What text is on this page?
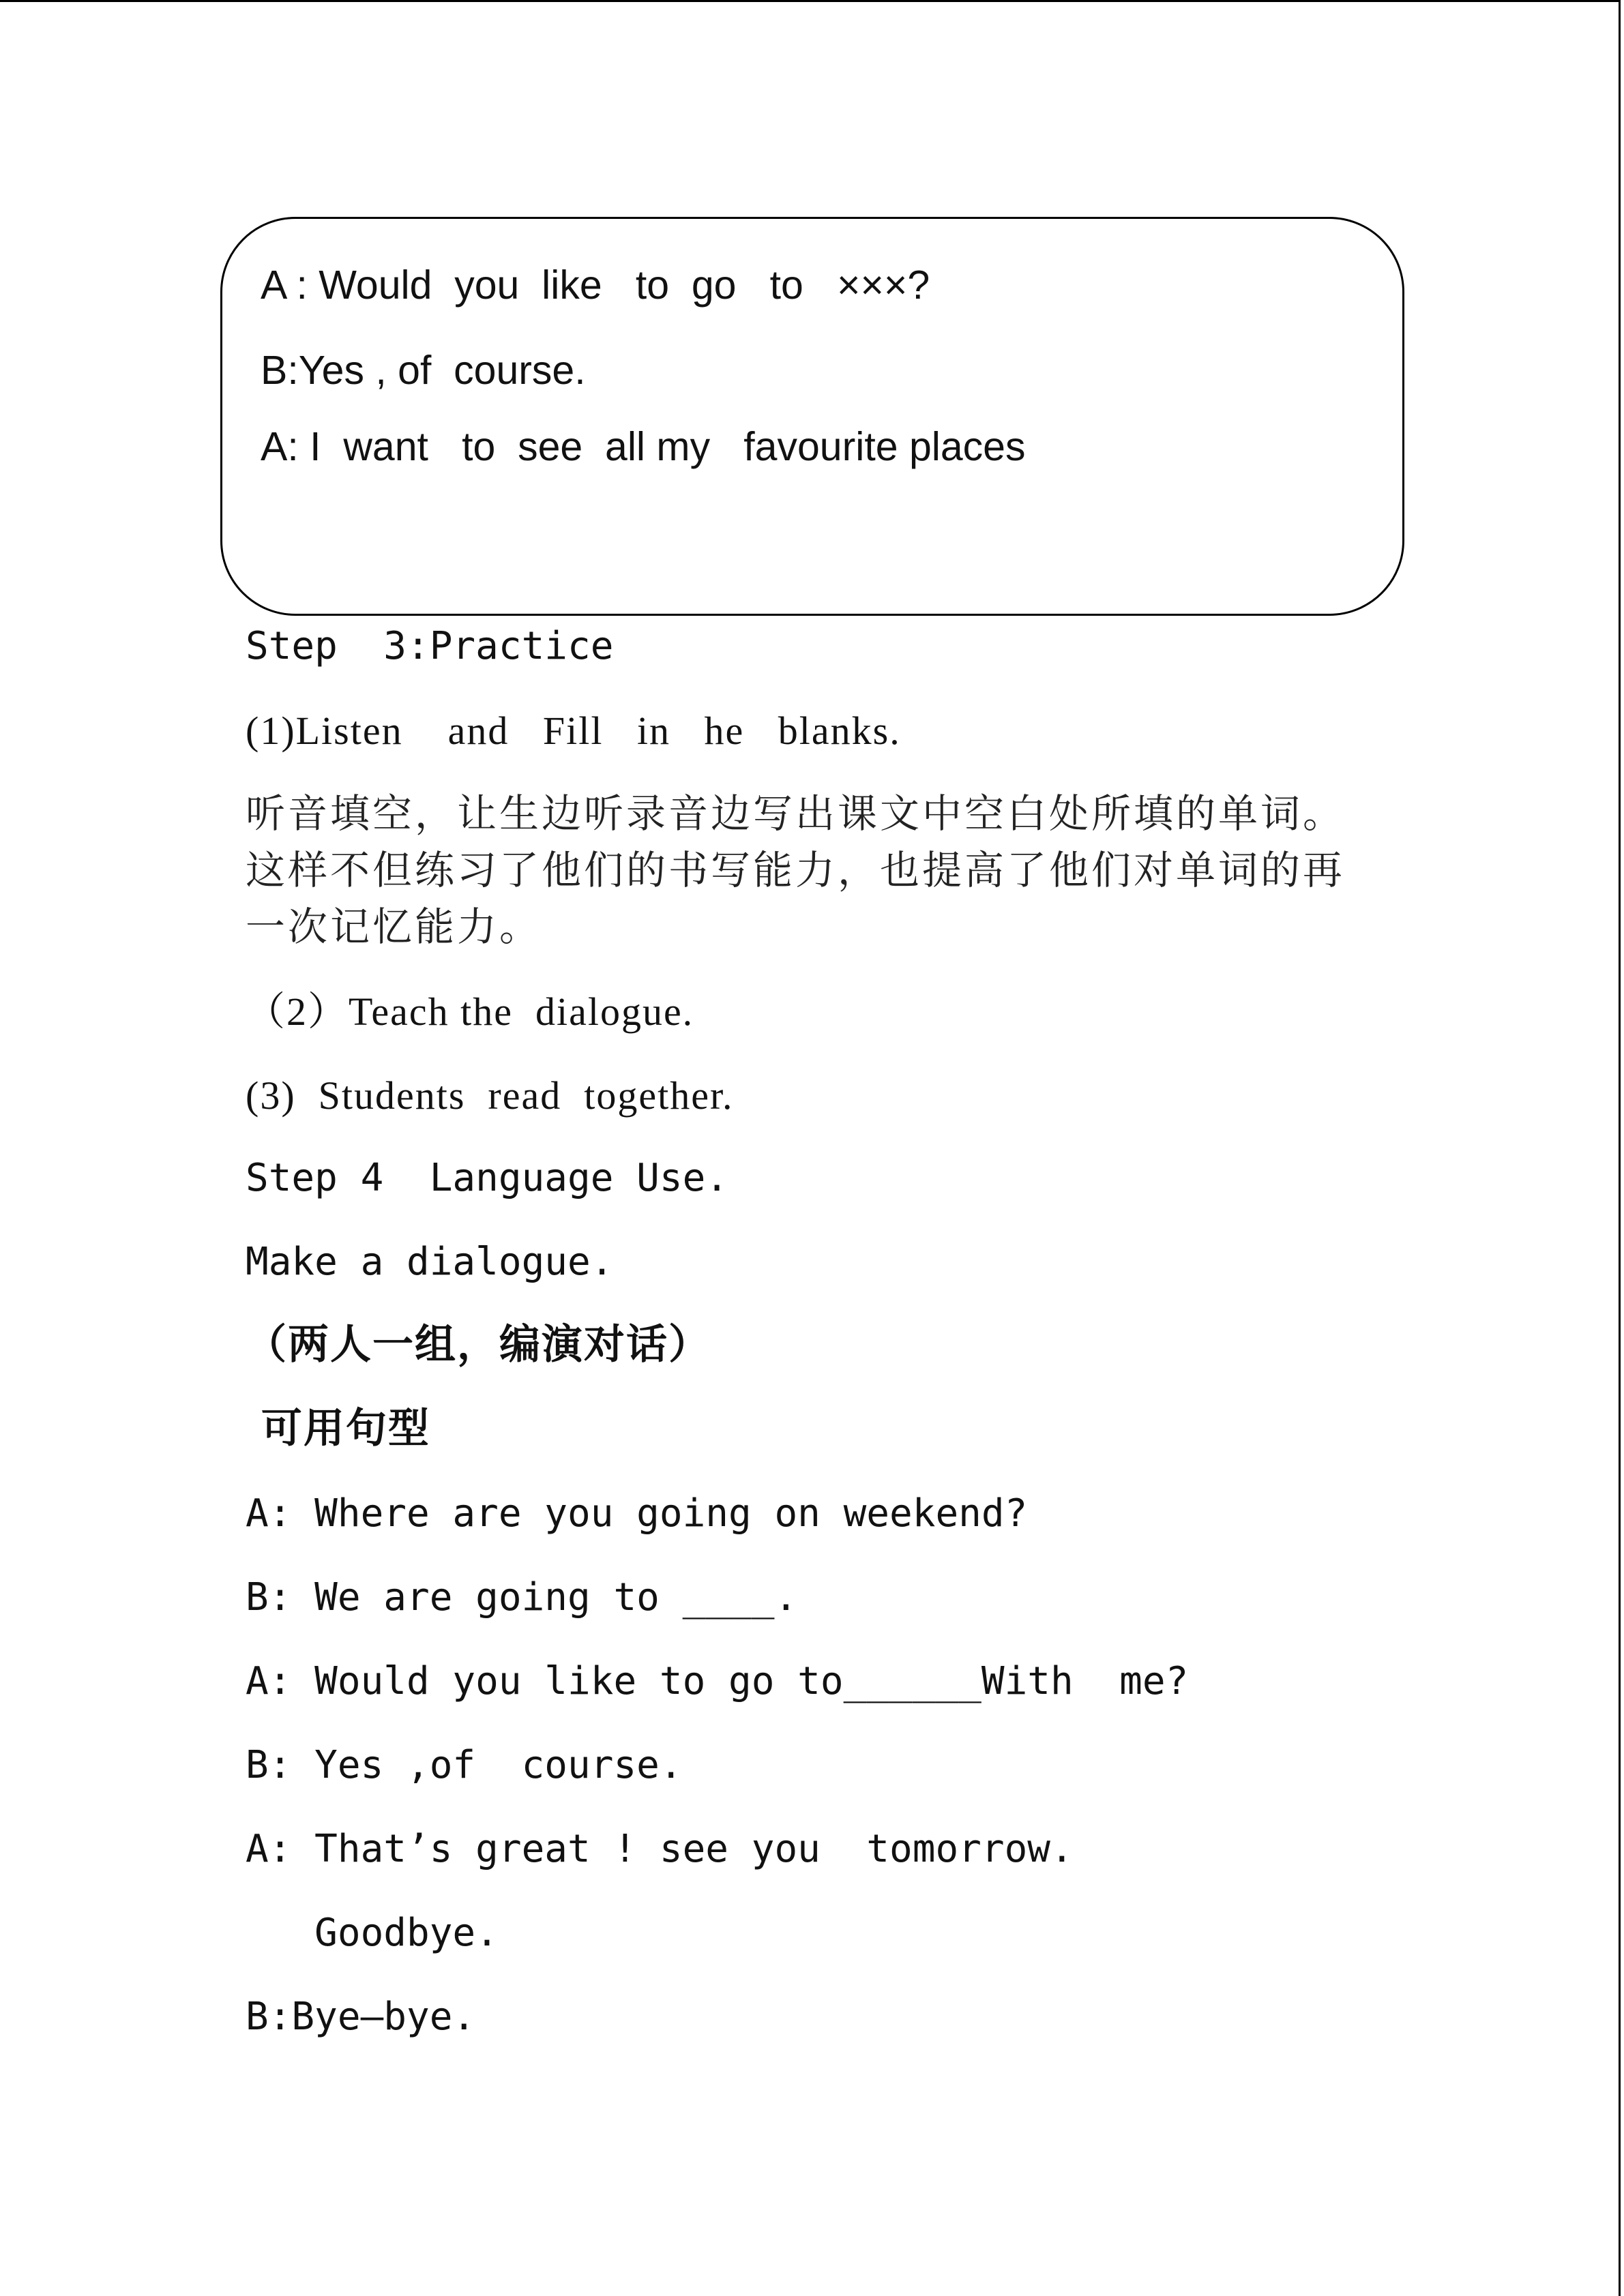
A : Would  you  like   to  go   to   ×××?
B:Yes , of  course.
A: I  want   to  see  all my   favourite places
Step  3:Practice
(1)Listen    and   Fill   in   he   blanks.
听音填空，让生边听录音边写出课文中空白处所填的单词。这样不但练习了他们的书写能力，也提高了他们对单词的再一次记忆能力。
（2）Teach the  dialogue.
(3)  Students  read  together.
Step 4  Language Use.
Make a dialogue.
（两人一组，编演对话）
可用句型
A: Where are you going on weekend?
B: We are going to ____.
A: Would you like to go to______With  me?
B: Yes ,of  course.
A: That’s great ! see you  tomorrow.
Goodbye.
B:Bye—bye.
